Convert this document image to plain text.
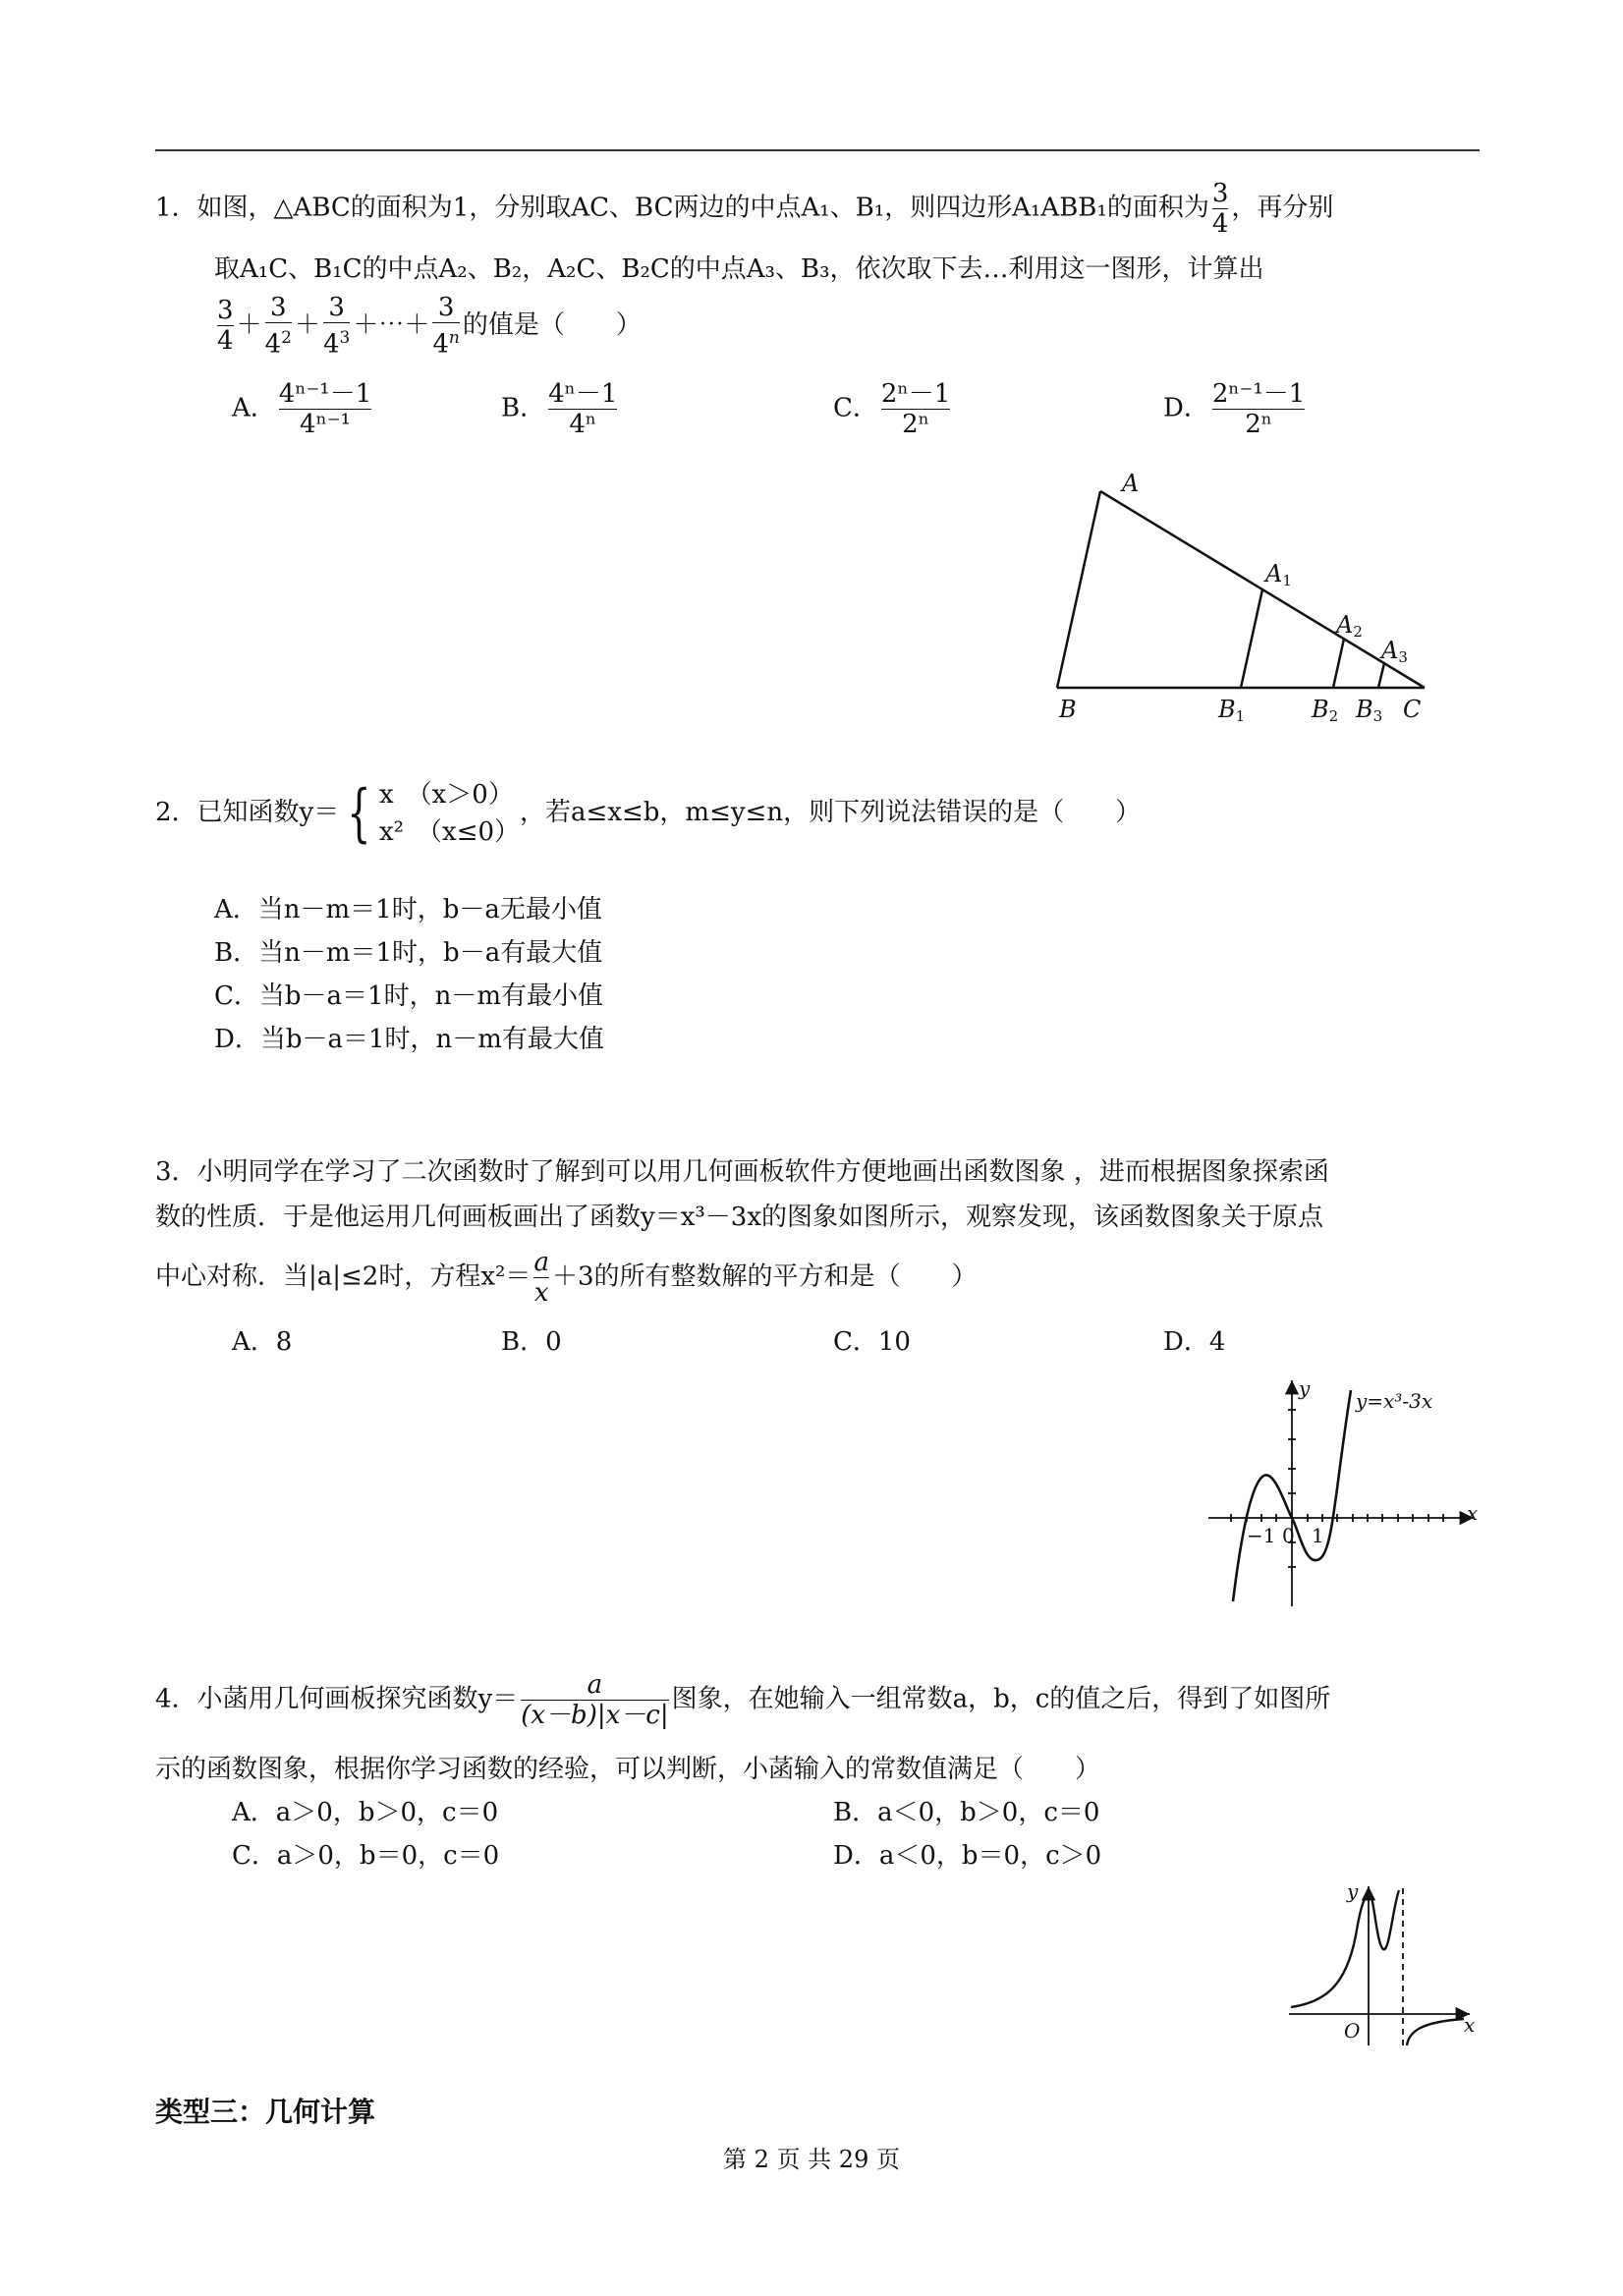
1．如图，△ABC的面积为1，分别取AC、BC两边的中点A₁、B₁，则四边形A₁ABB₁的面积为 $\frac{3}{4}$ ，再分别
取A₁C、B₁C的中点A₂、B₂，A₂C、B₂C的中点A₃、B₃，依次取下去…利用这一图形，计算出
$\frac{3}{4} + \frac{3}{4^2} + \frac{3}{4^3}$ ＋⋯＋ $\frac{3}{4^n}$ 的值是（　　）
A． $\frac{\text{4ⁿ⁻¹－1}}{\text{4ⁿ⁻¹}}$	B． $\frac{\text{4ⁿ－1}}{\text{4ⁿ}}$	C． $\frac{\text{2ⁿ－1}}{\text{2ⁿ}}$	D． $\frac{\text{2ⁿ⁻¹－1}}{\text{2ⁿ}}$
A
A1
A2
A3
B	B1	B2 B3 C
2．已知函数y＝ { x　（x＞0）
x²　（x≤0）
，若a≤x≤b，m≤y≤n，则下列说法错误的是（　　）
A．当n－m＝1时，b－a无最小值
B．当n－m＝1时，b－a有最大值
C．当b－a＝1时，n－m有最小值
D．当b－a＝1时，n－m有最大值
3．小明同学在学习了二次函数时了解到可以用几何画板软件方便地画出函数图象 ，进而根据图象探索函
数的性质．于是他运用几何画板画出了函数y＝x³－3x的图象如图所示，观察发现，该函数图象关于原点
中心对称．当|a|≤2时，方程$x^2= \frac{a}{x} +3$的所有整数解的平方和是（　　）
A．8	B．0	C．10	D．4
y=x³-3x
y
x
−1 0 1
4．小菡用几何画板探究函数$y= \frac{a}{(x-b)|x-c|}$ 图象，在她输入一组常数a，b，c的值之后，得到了如图所
示的函数图象，根据你学习函数的经验，可以判断，小菡输入的常数值满足（　　）
A．a＞0，b＞0，c＝0	B．a＜0，b＞0，c＝0
C．a＞0，b＝0，c＝0	D．a＜0，b＝0，c＞0
y
x
O
类型三：几何计算
第 2 页 共 29 页
